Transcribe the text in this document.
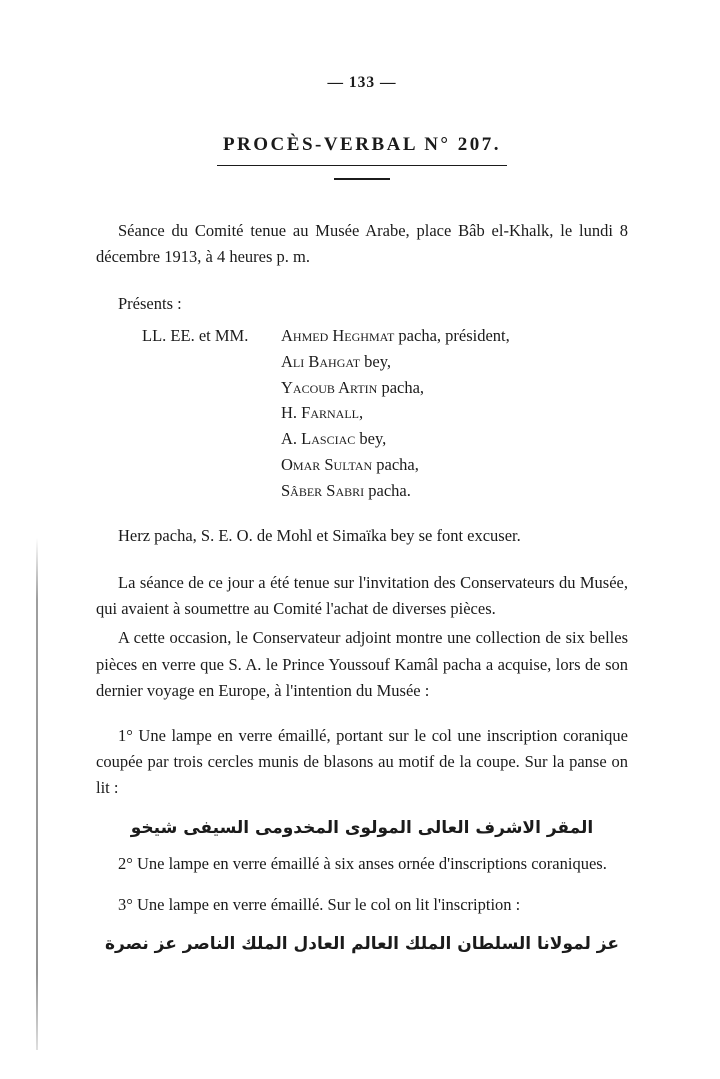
— 133 —
PROCÈS-VERBAL N° 207.

Séance du Comité tenue au Musée Arabe, place Bâb el-Khalk, le lundi 8 décembre 1913, à 4 heures p. m.

Présents :

LL. EE. et MM. Ahmed Heghmat pacha, président,
Ali Bahgat bey,
Yacoub Artin pacha,
H. Farnall,
A. Lasciac bey,
Omar Sultan pacha,
Sâber Sabri pacha.

Herz pacha, S. E. O. de Mohl et Simaïka bey se font excuser.

La séance de ce jour a été tenue sur l'invitation des Conservateurs du Musée, qui avaient à soumettre au Comité l'achat de diverses pièces.

A cette occasion, le Conservateur adjoint montre une collection de six belles pièces en verre que S. A. le Prince Youssouf Kamâl pacha a acquise, lors de son dernier voyage en Europe, à l'intention du Musée :

1° Une lampe en verre émaillé, portant sur le col une inscription coranique coupée par trois cercles munis de blasons au motif de la coupe. Sur la panse on lit :

المقر الاشرف العالى المولوى المخدومى السيفى شيخو

2° Une lampe en verre émaillé à six anses ornée d'inscriptions coraniques.

3° Une lampe en verre émaillé. Sur le col on lit l'inscription :

عز لمولانا السلطان الملك العالم العادل الملك الناصر عز نصرة
